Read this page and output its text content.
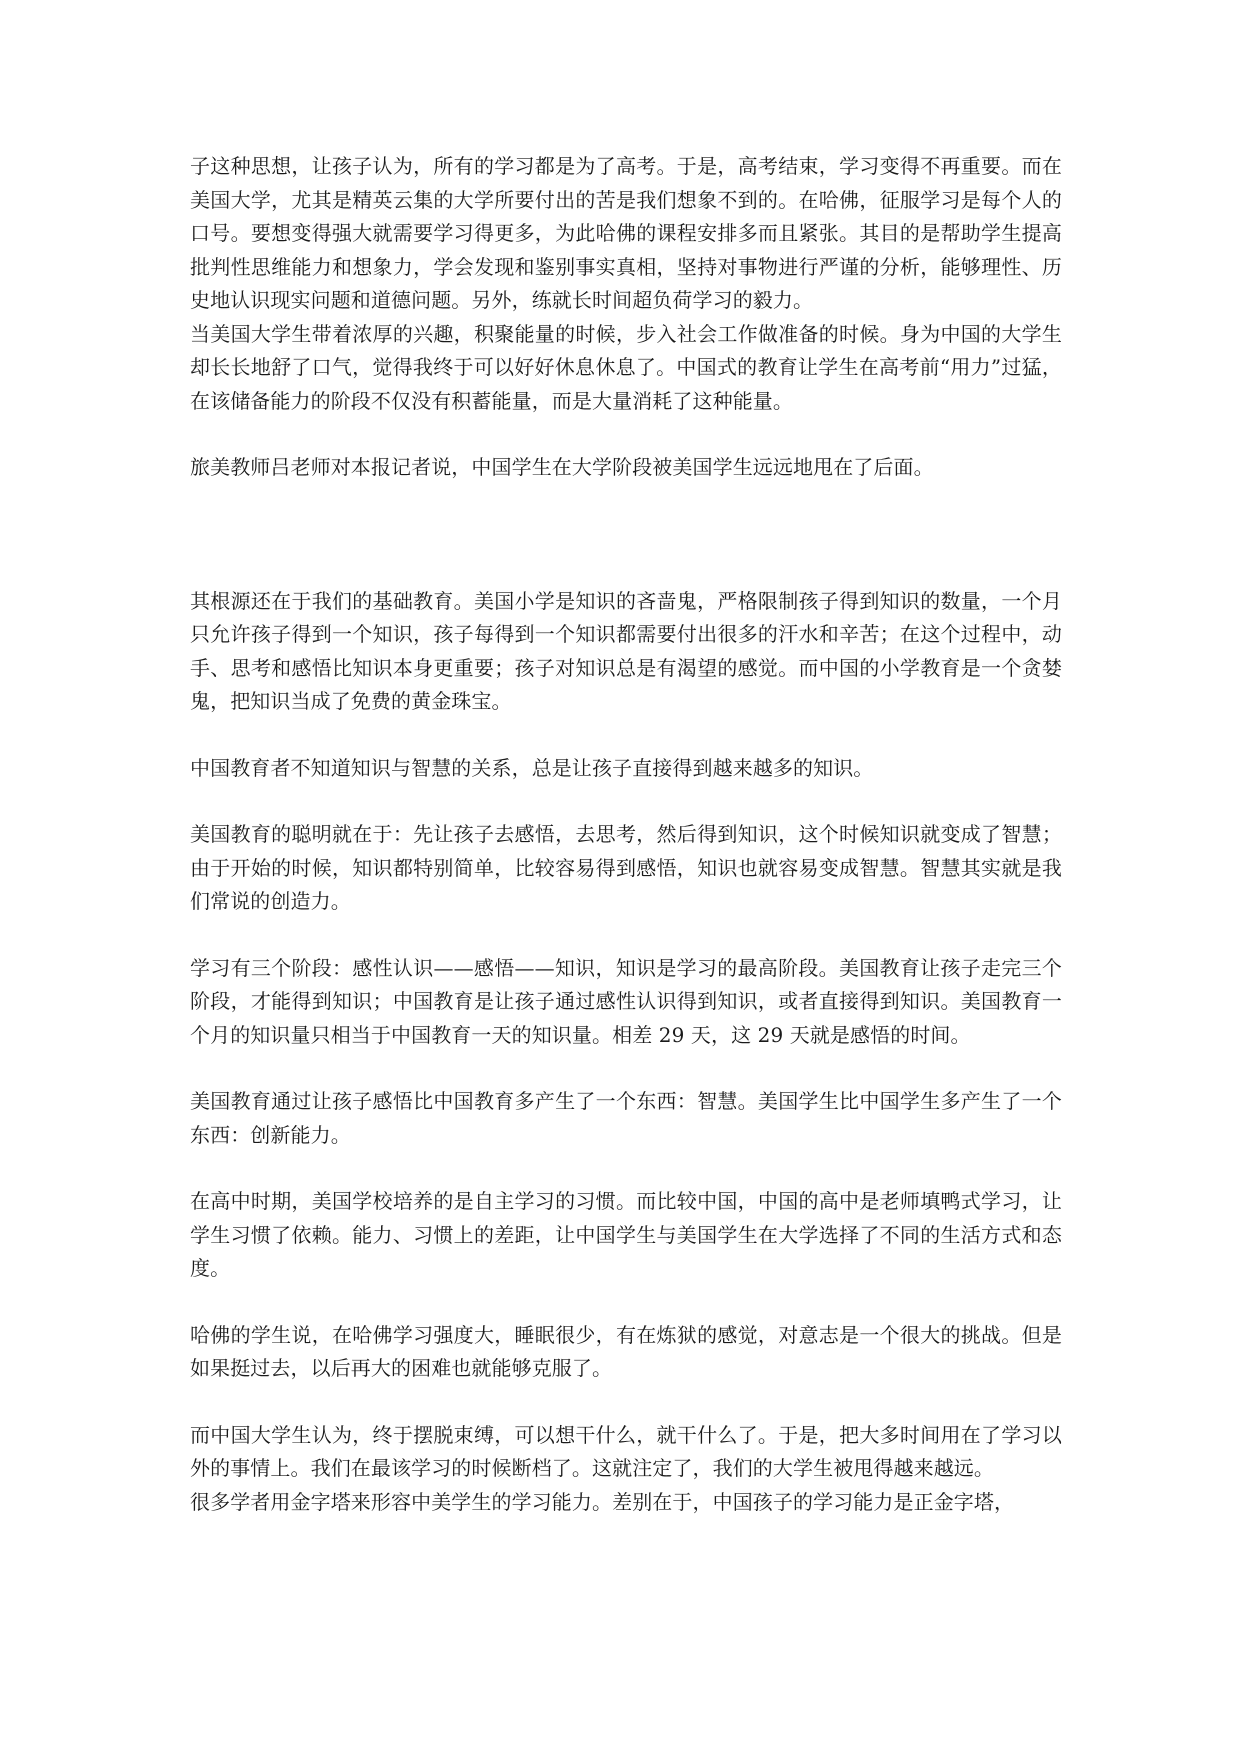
子这种思想，让孩子认为，所有的学习都是为了高考。于是，高考结束，学习变得不再重要。而在美国大学，尤其是精英云集的大学所要付出的苦是我们想象不到的。在哈佛，征服学习是每个人的口号。要想变得强大就需要学习得更多，为此哈佛的课程安排多而且紧张。其目的是帮助学生提高批判性思维能力和想象力，学会发现和鉴别事实真相，坚持对事物进行严谨的分析，能够理性、历史地认识现实问题和道德问题。另外，练就长时间超负荷学习的毅力。

当美国大学生带着浓厚的兴趣，积聚能量的时候，步入社会工作做准备的时候。身为中国的大学生却长长地舒了口气，觉得我终于可以好好休息休息了。中国式的教育让学生在高考前“用力”过猛，在该储备能力的阶段不仅没有积蓄能量，而是大量消耗了这种能量。

旅美教师吕老师对本报记者说，中国学生在大学阶段被美国学生远远地甩在了后面。

其根源还在于我们的基础教育。美国小学是知识的吝啬鬼，严格限制孩子得到知识的数量，一个月只允许孩子得到一个知识，孩子每得到一个知识都需要付出很多的汗水和辛苦；在这个过程中，动手、思考和感悟比知识本身更重要；孩子对知识总是有渴望的感觉。而中国的小学教育是一个贪婪鬼，把知识当成了免费的黄金珠宝。

中国教育者不知道知识与智慧的关系，总是让孩子直接得到越来越多的知识。

美国教育的聪明就在于：先让孩子去感悟，去思考，然后得到知识，这个时候知识就变成了智慧；由于开始的时候，知识都特别简单，比较容易得到感悟，知识也就容易变成智慧。智慧其实就是我们常说的创造力。

学习有三个阶段：感性认识——感悟——知识，知识是学习的最高阶段。美国教育让孩子走完三个阶段，才能得到知识；中国教育是让孩子通过感性认识得到知识，或者直接得到知识。美国教育一个月的知识量只相当于中国教育一天的知识量。相差 29 天，这 29 天就是感悟的时间。

美国教育通过让孩子感悟比中国教育多产生了一个东西：智慧。美国学生比中国学生多产生了一个东西：创新能力。

在高中时期，美国学校培养的是自主学习的习惯。而比较中国，中国的高中是老师填鸭式学习，让学生习惯了依赖。能力、习惯上的差距，让中国学生与美国学生在大学选择了不同的生活方式和态度。

哈佛的学生说，在哈佛学习强度大，睡眠很少，有在炼狱的感觉，对意志是一个很大的挑战。但是如果挺过去，以后再大的困难也就能够克服了。

而中国大学生认为，终于摆脱束缚，可以想干什么，就干什么了。于是，把大多时间用在了学习以外的事情上。我们在最该学习的时候断档了。这就注定了，我们的大学生被甩得越来越远。

很多学者用金字塔来形容中美学生的学习能力。差别在于，中国孩子的学习能力是正金字塔，
